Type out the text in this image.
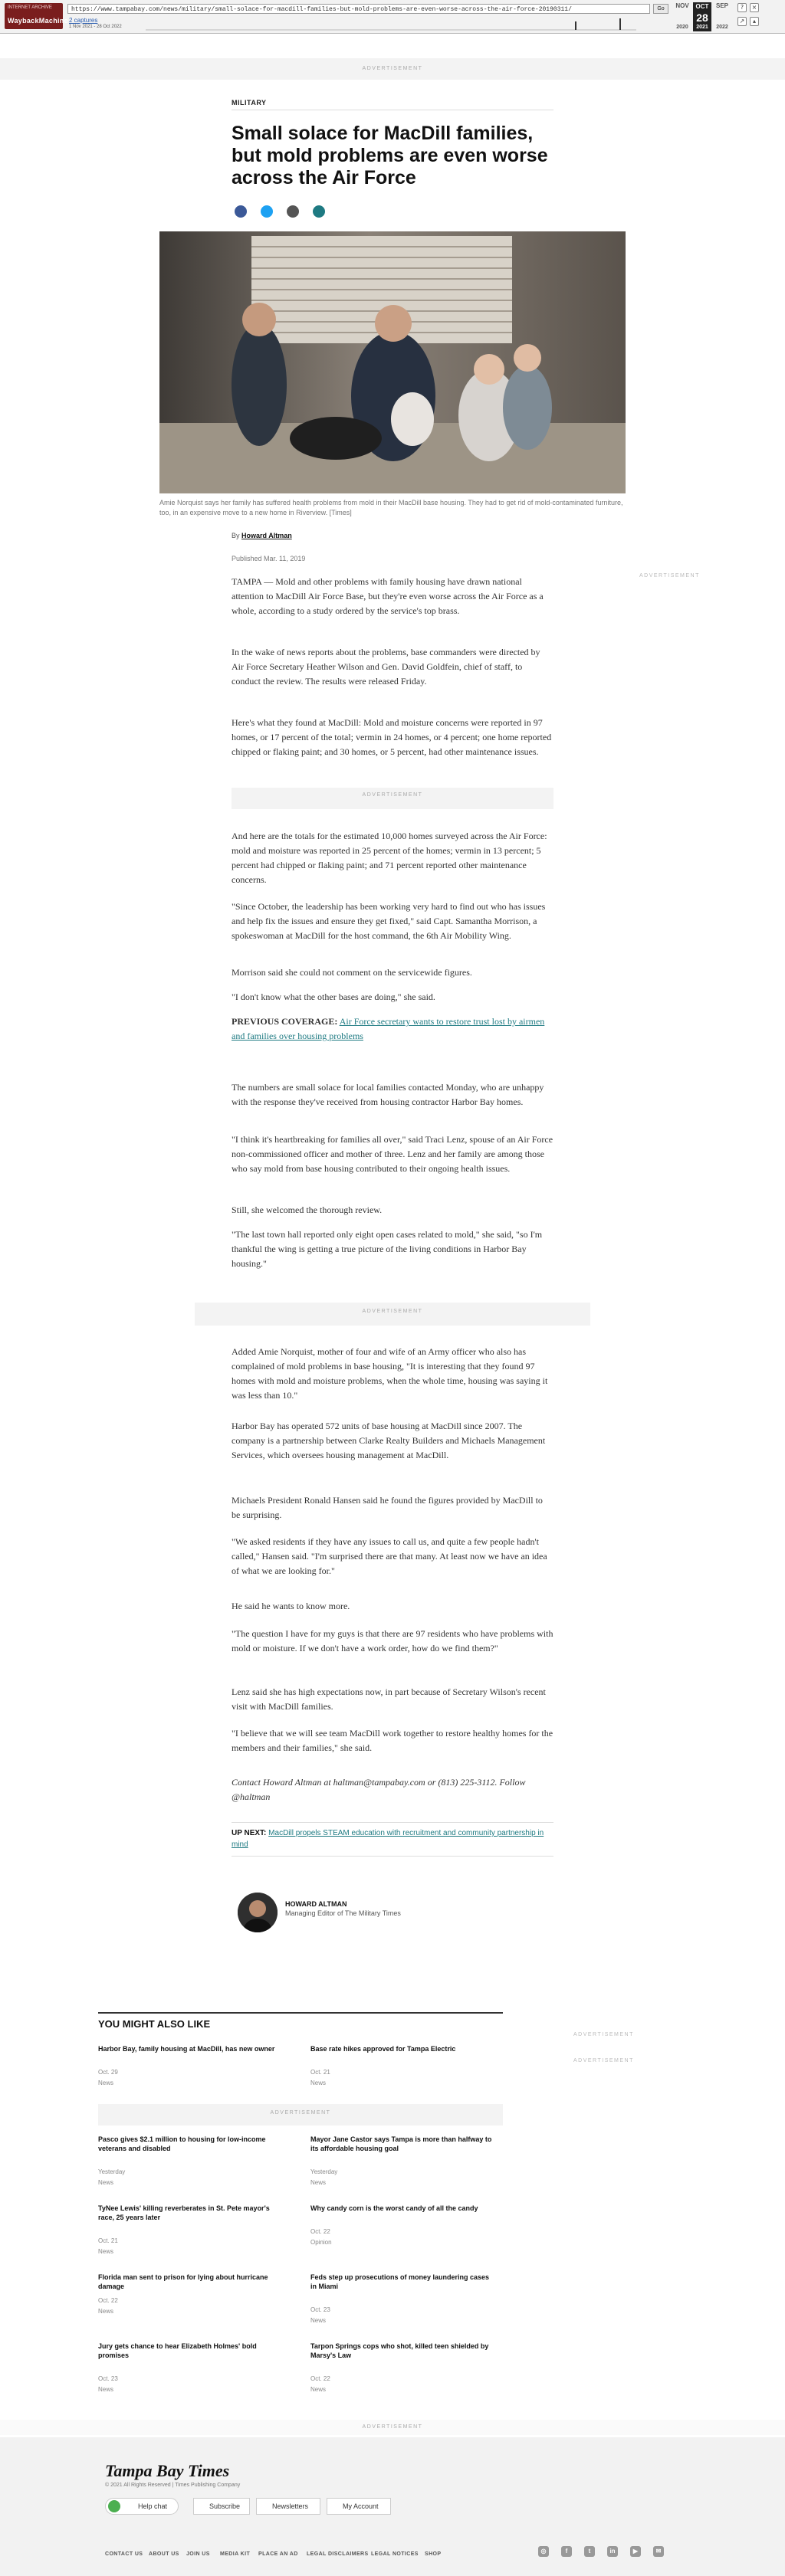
INTERNET ARCHIVE
WaybackMachine
https://www.tampabay.com/news/military/small-solace-for-macdill-families-but-mold-problems-are-even-worse-across-the-air-force-20190311/	Go
2 captures
1 Nov 2021 - 28 Oct 2022
NOV	OCT	SEP
28
2020	2021	2022
?	×
↗	▴
ADVERTISEMENT
MILITARY
Small solace for MacDill families, but mold problems are even worse across the Air Force
Amie Norquist says her family has suffered health problems from mold in their MacDill base housing. They had to get rid of mold-contaminated furniture, too, in an expensive move to a new home in Riverview. [Times]
By Howard Altman
Published Mar. 11, 2019
ADVERTISEMENT
TAMPA — Mold and other problems with family housing have drawn national attention to MacDill Air Force Base, but they're even worse across the Air Force as a whole, according to a study ordered by the service's top brass.
In the wake of news reports about the problems, base commanders were directed by Air Force Secretary Heather Wilson and Gen. David Goldfein, chief of staff, to conduct the review. The results were released Friday.
Here's what they found at MacDill: Mold and moisture concerns were reported in 97 homes, or 17 percent of the total; vermin in 24 homes, or 4 percent; one home reported chipped or flaking paint; and 30 homes, or 5 percent, had other maintenance issues.
ADVERTISEMENT
And here are the totals for the estimated 10,000 homes surveyed across the Air Force: mold and moisture was reported in 25 percent of the homes; vermin in 13 percent; 5 percent had chipped or flaking paint; and 71 percent reported other maintenance concerns.
"Since October, the leadership has been working very hard to find out who has issues and help fix the issues and ensure they get fixed," said Capt. Samantha Morrison, a spokeswoman at MacDill for the host command, the 6th Air Mobility Wing.
Morrison said she could not comment on the servicewide figures.
"I don't know what the other bases are doing," she said.
PREVIOUS COVERAGE: Air Force secretary wants to restore trust lost by airmen and families over housing problems
The numbers are small solace for local families contacted Monday, who are unhappy with the response they've received from housing contractor Harbor Bay homes.
"I think it's heartbreaking for families all over," said Traci Lenz, spouse of an Air Force non-commissioned officer and mother of three. Lenz and her family are among those who say mold from base housing contributed to their ongoing health issues.
Still, she welcomed the thorough review.
"The last town hall reported only eight open cases related to mold," she said, "so I'm thankful the wing is getting a true picture of the living conditions in Harbor Bay housing."
ADVERTISEMENT
Added Amie Norquist, mother of four and wife of an Army officer who also has complained of mold problems in base housing, "It is interesting that they found 97 homes with mold and moisture problems, when the whole time, housing was saying it was less than 10."
Harbor Bay has operated 572 units of base housing at MacDill since 2007. The company is a partnership between Clarke Realty Builders and Michaels Management Services, which oversees housing management at MacDill.
Michaels President Ronald Hansen said he found the figures provided by MacDill to be surprising.
"We asked residents if they have any issues to call us, and quite a few people hadn't called," Hansen said. "I'm surprised there are that many. At least now we have an idea of what we are looking for."
He said he wants to know more.
"The question I have for my guys is that there are 97 residents who have problems with mold or moisture. If we don't have a work order, how do we find them?"
Lenz said she has high expectations now, in part because of Secretary Wilson's recent visit with MacDill families.
"I believe that we will see team MacDill work together to restore healthy homes for the members and their families," she said.
Contact Howard Altman at haltman@tampabay.com or (813) 225-3112. Follow @haltman
UP NEXT: MacDill propels STEAM education with recruitment and community partnership in mind
HOWARD ALTMAN
Managing Editor of The Military Times
YOU MIGHT ALSO LIKE
ADVERTISEMENT
ADVERTISEMENT
Harbor Bay, family housing at MacDill, has new owner
Oct. 29
News
Base rate hikes approved for Tampa Electric
Oct. 21
News
ADVERTISEMENT
Pasco gives $2.1 million to housing for low-income veterans and disabled
Yesterday
News
Mayor Jane Castor says Tampa is more than halfway to its affordable housing goal
Yesterday
News
TyNee Lewis' killing reverberates in St. Pete mayor's race, 25 years later
Oct. 21
News
Why candy corn is the worst candy of all the candy
Oct. 22
Opinion
Florida man sent to prison for lying about hurricane damage
Oct. 22
News
Feds step up prosecutions of money laundering cases in Miami
Oct. 23
News
Jury gets chance to hear Elizabeth Holmes' bold promises
Oct. 23
News
Tarpon Springs cops who shot, killed teen shielded by Marsy's Law
Oct. 22
News
ADVERTISEMENT
Tampa Bay Times
© 2021 All Rights Reserved | Times Publishing Company
Help chat	Subscribe	Newsletters	My Account
CONTACT US ABOUT US JOIN US MEDIA KIT PLACE AN AD LEGAL DISCLAIMERS LEGAL NOTICES SHOP	◎	f	t	in	▶	✉
